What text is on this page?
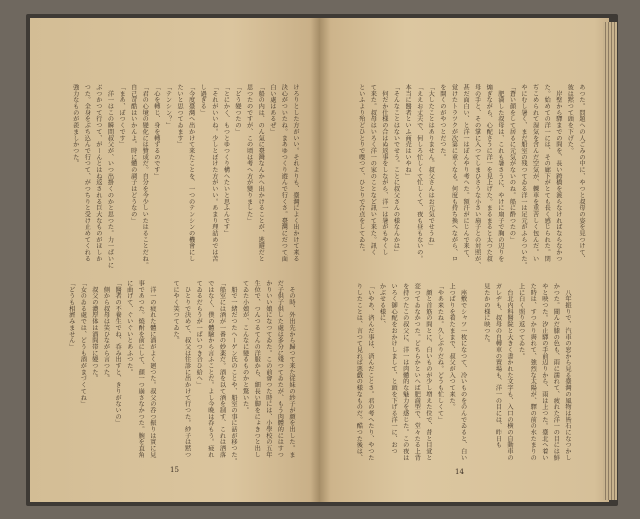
けろりとした方がいい。それよりも、臺灣によく出かけて来る
決心がついたね。まあゆつくり遊んで行くさ。臺灣にだつて面
白い處はあるぜ」
「船の内は、のん氣に臺灣なんかへ出かけることが、逃避だと
思つたのですが、この頃は考へ方が變りました」
「どう變つたの」
「とにかく、もつとゆつくり構へたいと思ふんです」
「それがいいね。少しとぼけた方がいい。あまり理詰めでは苦
し過ぎる」
「今度臺灣へ出かけて来たことを、一つのテンシンの機會にし
たいと思つてゐます」
「テンシン？」
「心を轉じ、身を轉ずるのです」
「君の心境の變化には贊成だ。自分を今少しいたはることだね。
自己苛酷はいかんよ。時に體の調子はどうなの」
「まあ、ぼつくです」
　洋一はこの瞬間叔父が、いつ出掛くのかと思つた。力一ぱいに
ぶつかつて行つて、がーんとはね返される巨大なものがほしか
つた。全身をぶち込んで行つて、がつちりと受け止めてくれる
強力なものが羨ましかつた。
　その時、外出先から歸つて来た従妹の紗子が顔を出した。ま
だ子供子供した處は多分に殘つてゐたが、もう肉體的にはすつ
かりいい娘になつてゐた。この前會つた時には、小學校の五年
生位で、つんつるてんの洋服から、細長い脚をにょきつと出し
てゐた小娘が、こんなに變るものかと驚いた。
　船で一緒だつたヘーゲン氏のことや、船室の事に話が移つた。
「船室には酒が一番の妙薬だ。酒を以て酒を制す、これは洒落
ではなく、僕の體驗から言ふことだ。よし今晩は呑もう。疲れ
てゐるだらうが一ぱいつき合ひ給へ」
　ひとりで決めて、叔父は往診に出かけて行つた。紗子は黙つ
てにやく笑つてゐた。

　洋一の疲れた體に酒がよく廻つた。叔父の呑つ振りは實に見
事であつた。燒酎を前にして、顔一つ崩さなかつた。腕を直角
に曲げて、ぐいぐいとあふつた。
「醫者の不養生でね、呑み出すと、きりがないの」
　側から叔母は笑ひながら言つた。
　叔父の濃厚体は酒間帯に變つた。
「女のゐる處では、どうも酒がまづくてね」
「どうも相濟みません」
15
あつた。問題への人ごみの中に、やつと叔母の姿を見つけて、
彼は黙つて頭を下げた。
　岸壁から驛までの間を、長い跨橋を渡らなければならなかつ
た。始めての洋一には、その廊下がとても長く感じられた。閉
ぢこめられて湿気を含んだ空気が、轢車を重苦しく包んだ。い
やにむし暑く、まだ船室の残つてゐる洋一は足元がふらついた。
「蒼い顔をして居るに元気がないのね。船に酔つたの」
　肥満した叔母は、これも暑さうに、やけに扇子で胸の辺りを
煽ぎながら、心配さうに洋一を見上げた。まるまると太つた叔
母の手と、その掌に入つてしまひさうな小さい扇子との対照が、
甚だ面白い、と洋一はぼんやり考へた。額汗がにじんで来て、
覚けたトラツクが次第に重くなる。何度も持ち換へながら、ロ
を開くのがやつとだつた。
「大したことはありません。叔父さんはお元気でせうね」
「ええお丈夫で、何しろ忙しくて忙しくて、夜も昼もないの。
本当に醫者といふ商売はいやね」
「そんなことはないでせう。ことに叔父さんの様なんかは」
　何だか仕様の合はぬ返事をしながら、洋一は暑がもやくし
て来た。叔母はいろく洋一の家のことなど訊いて来た。訊く
といふより殆どひとりで喋つて、ひとりで合点をしてゐた。
　八年振りで、汽車の窓から見る臺灣の風物は皆石になつかし
かつた。聞んだ膝の色も、雨に濡れて、疲れた洋一の目には鮮
やと映つた。汐止驛の手前辺りから、雨は上つた。臺北へ着い
た時は、すつかり霽れて、強烈な太陽が、驛の前の水たまりの
上に白く照り返つてゐた。
　台北内科醫院と大きく書かれた文字も、入口の横の自動車の
ガレヂも、叔母の自轉車の置場も、洋一の目には、昨日も
見たかの様に映つた。

　座敷でシャツ一枚になつて、冷いものをのんでゐると、白い
上つぱりを着たままで、叔父が入つて来た。
「やあ来たね。久しぶりだね。どうも忙しくて」
　顔と首筋の間とに、白いものが少し増えた位で、昔と目覚と
変つてゐなかつた。どちらかといへば肥満型で、堂々たる上背
を持つたこの叔父に、洋一は肉體的な魅力を感じた。この夜は
いろく御心配をおかけしまして、と頭を下げる洋一に、おつ
かぶせる様に、
「いやあ、済んだ事は、済んだことさ。君の考へたり、やつた
りしたことは、言つて見れば悪戯の様なものだ。酷つた後は、
14
